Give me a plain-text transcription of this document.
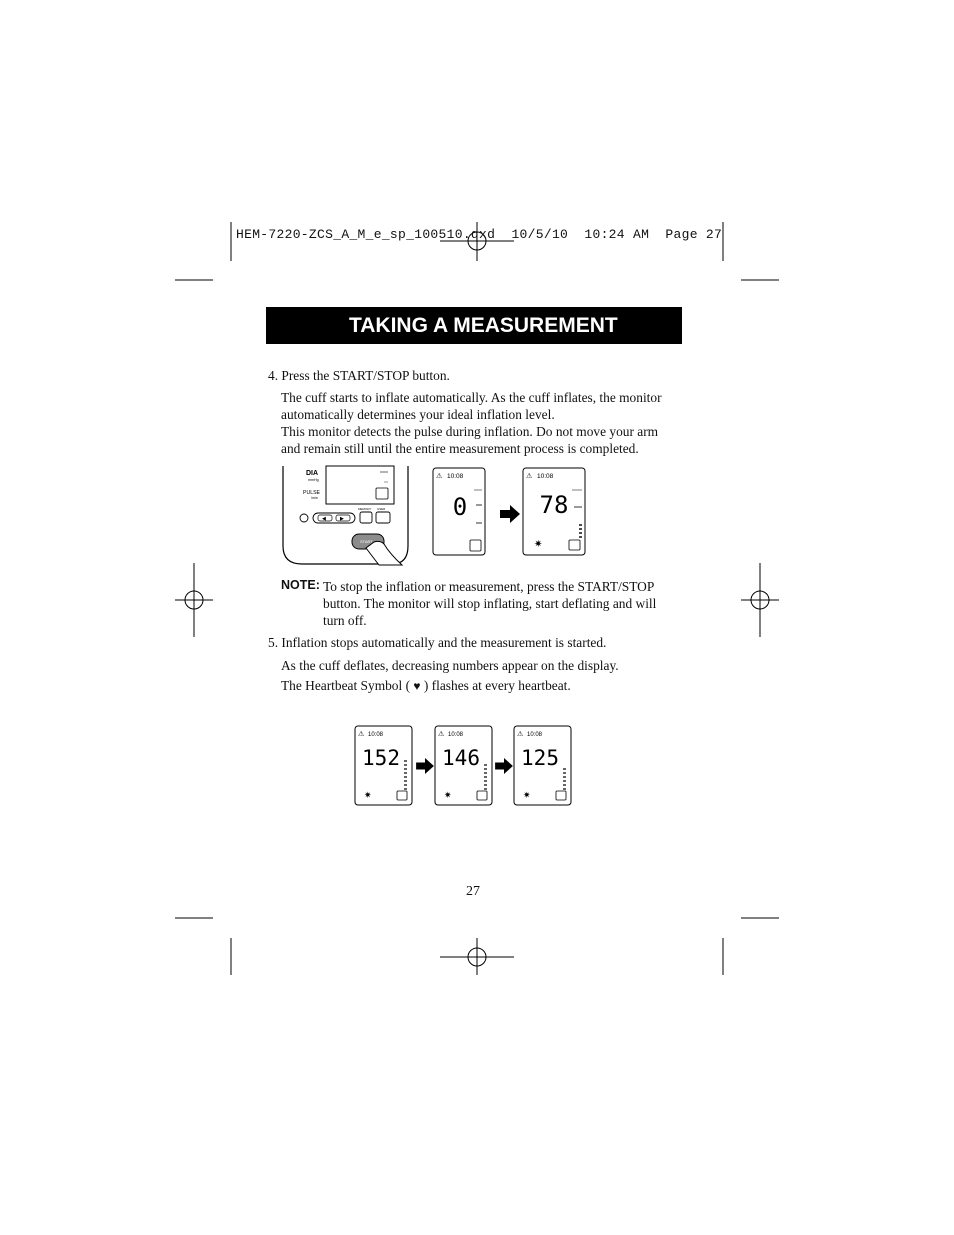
HEM-7220-ZCS_A_M_e_sp_100510.qxd 10/5/10 10:24 AM Page 27
TAKING A MEASUREMENT
4. Press the START/STOP button.
The cuff starts to inflate automatically. As the cuff inflates, the monitor
automatically determines your ideal inflation level.
This monitor detects the pulse during inflation. Do not move your arm
and remain still until the entire measurement process is completed.
DIA
mmHg
PULSE
/min
◀	▶
MEMORY USER
START
⚠ 10:08
0
⚠ 10:08
78
✷
NOTE: To stop the inflation or measurement, press the START/STOP
button. The monitor will stop inflating, start deflating and will
turn off.
5. Inflation stops automatically and the measurement is started.
As the cuff deflates, decreasing numbers appear on the display.
The Heartbeat Symbol ( ♥ ) flashes at every heartbeat.
⚠ 10:08
152
✷
⚠ 10:08
146
✷
⚠ 10:08
125
✷
27
